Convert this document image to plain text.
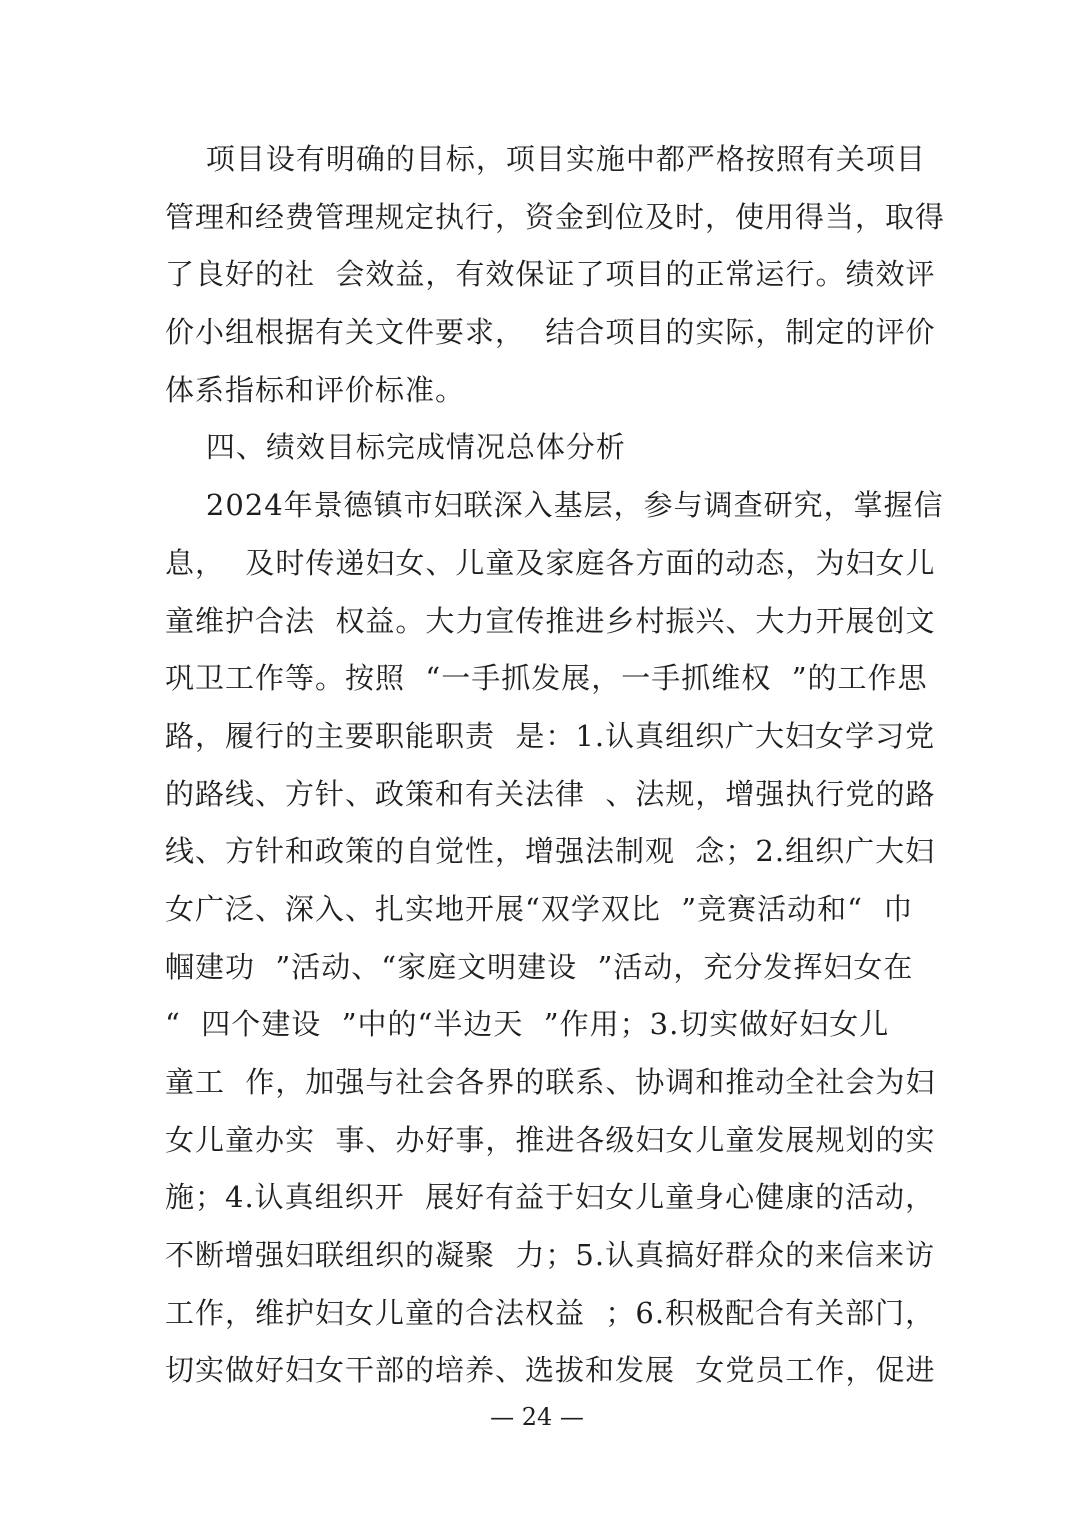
项目设有明确的目标，项目实施中都严格按照有关项目
管理和经费管理规定执行，资金到位及时，使用得当，取得
了良好的社  会效益，有效保证了项目的正常运行。绩效评
价小组根据有关文件要求，  结合项目的实际，制定的评价
体系指标和评价标准。
四、绩效目标完成情况总体分析
2024年景德镇市妇联深入基层，参与调查研究，掌握信
息，  及时传递妇女、儿童及家庭各方面的动态，为妇女儿
童维护合法  权益。大力宣传推进乡村振兴、大力开展创文
巩卫工作等。按照  “一手抓发展，一手抓维权  ”的工作思
路，履行的主要职能职责  是：1.认真组织广大妇女学习党
的路线、方针、政策和有关法律  、法规，增强执行党的路
线、方针和政策的自觉性，增强法制观  念；2.组织广大妇
女广泛、深入、扎实地开展“双学双比  ”竞赛活动和“  巾
帼建功  ”活动、“家庭文明建设  ”活动，充分发挥妇女在
“  四个建设  ”中的“半边天  ”作用；3.切实做好妇女儿
童工  作，加强与社会各界的联系、协调和推动全社会为妇
女儿童办实  事、办好事，推进各级妇女儿童发展规划的实
施；4.认真组织开  展好有益于妇女儿童身心健康的活动，
不断增强妇联组织的凝聚  力；5.认真搞好群众的来信来访
工作，维护妇女儿童的合法权益  ；6.积极配合有关部门，
切实做好妇女干部的培养、选拔和发展  女党员工作，促进
— 24 —
